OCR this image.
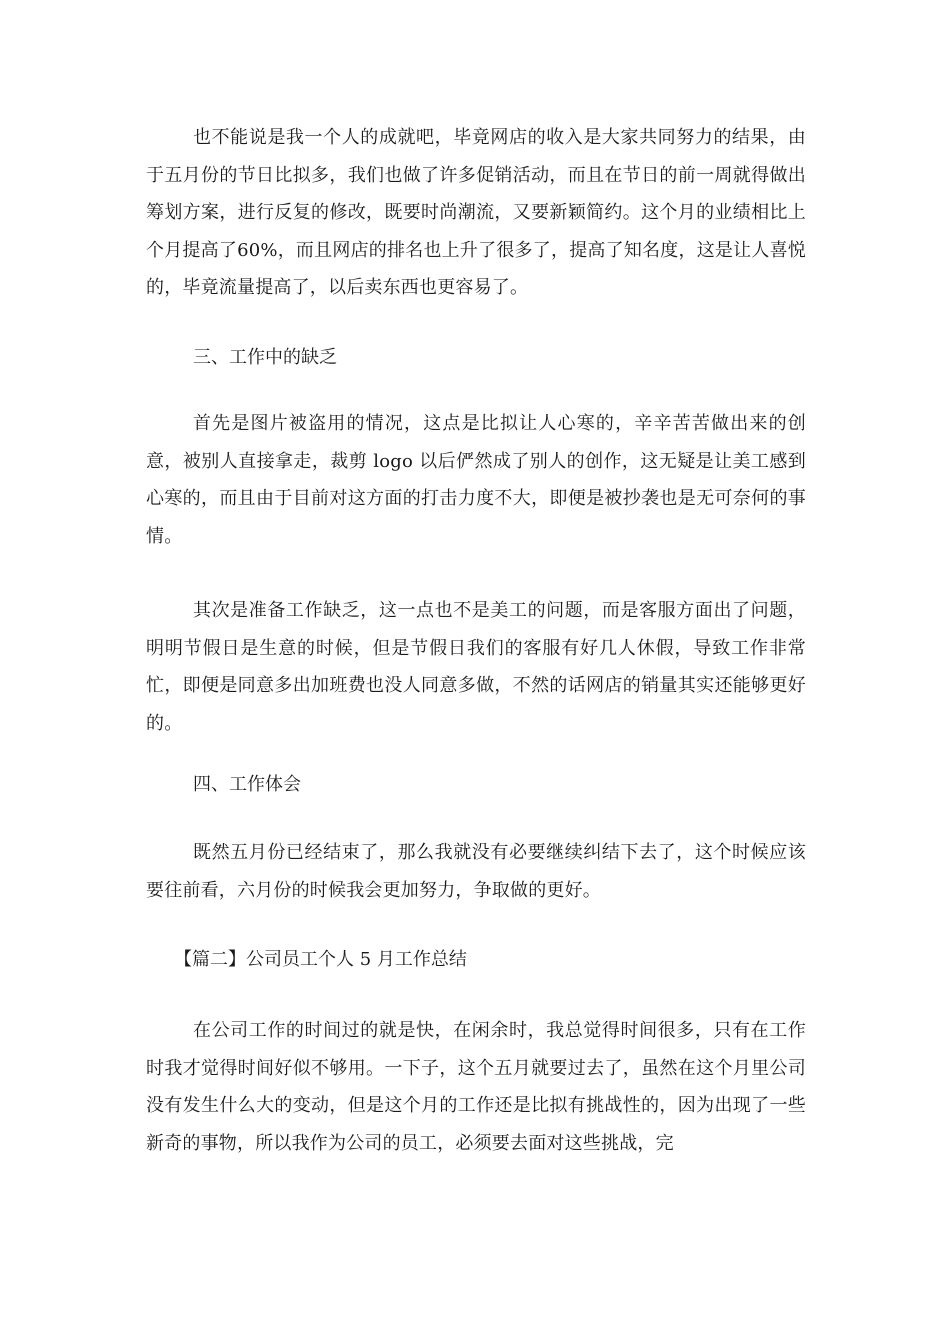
也不能说是我一个人的成就吧，毕竟网店的收入是大家共同努力的结果，由于五月份的节日比拟多，我们也做了许多促销活动，而且在节日的前一周就得做出筹划方案，进行反复的修改，既要时尚潮流，又要新颖简约。这个月的业绩相比上个月提高了60%，而且网店的排名也上升了很多了，提高了知名度，这是让人喜悦的，毕竟流量提高了，以后卖东西也更容易了。

三、工作中的缺乏

首先是图片被盗用的情况，这点是比拟让人心寒的，辛辛苦苦做出来的创意，被别人直接拿走，裁剪 logo 以后俨然成了别人的创作，这无疑是让美工感到心寒的，而且由于目前对这方面的打击力度不大，即便是被抄袭也是无可奈何的事情。

其次是准备工作缺乏，这一点也不是美工的问题，而是客服方面出了问题，明明节假日是生意的时候，但是节假日我们的客服有好几人休假，导致工作非常忙，即便是同意多出加班费也没人同意多做，不然的话网店的销量其实还能够更好的。

四、工作体会

既然五月份已经结束了，那么我就没有必要继续纠结下去了，这个时候应该要往前看，六月份的时候我会更加努力，争取做的更好。

【篇二】公司员工个人 5 月工作总结

在公司工作的时间过的就是快，在闲余时，我总觉得时间很多，只有在工作时我才觉得时间好似不够用。一下子，这个五月就要过去了，虽然在这个月里公司没有发生什么大的变动，但是这个月的工作还是比拟有挑战性的，因为出现了一些新奇的事物，所以我作为公司的员工，必须要去面对这些挑战，完
